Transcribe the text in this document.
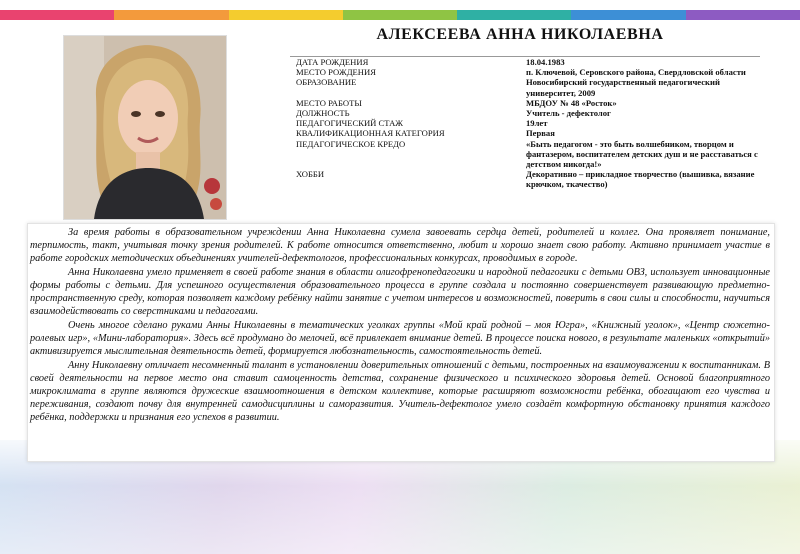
АЛЕКСЕЕВА АННА НИКОЛАЕВНА
ДАТА РОЖДЕНИЯ	18.04.1983
МЕСТО РОЖДЕНИЯ	п. Ключевой, Серовского района, Свердловской области
ОБРАЗОВАНИЕ	Новосибирский государственный педагогический университет, 2009
МЕСТО РАБОТЫ	МБДОУ № 48 «Росток»
ДОЛЖНОСТЬ	Учитель - дефектолог
ПЕДАГОГИЧЕСКИЙ СТАЖ	19лет
КВАЛИФИКАЦИОННАЯ КАТЕГОРИЯ	Первая
ПЕДАГОГИЧЕСКОЕ КРЕДО	«Быть педагогом - это быть волшебником, творцом и фантазером, воспитателем детских душ и не расставаться с детством никогда!»
ХОББИ	Декоративно – прикладное творчество (вышивка, вязание крючком, ткачество)

За время работы в образовательном учреждении Анна Николаевна сумела завоевать сердца детей, родителей и коллег. Она проявляет понимание, терпимость, такт, учитывая точку зрения родителей. К работе относится ответственно, любит и хорошо знает свою работу. Активно принимает участие в работе городских методических объединениях учителей-дефектологов, профессиональных конкурсах, проводимых в городе.

Анна Николаевна умело применяет в своей работе знания в области олигофренопедагогики и народной педагогики с детьми ОВЗ, использует инновационные формы работы с детьми. Для успешного осуществления образовательного процесса в группе создала и постоянно совершенствует развивающую предметно-пространственную среду, которая позволяет каждому ребёнку найти занятие с учетом интересов и возможностей, поверить в свои силы и способности, научиться взаимодействовать со сверстниками и педагогами.

Очень многое сделано руками Анны Николаевны в тематических уголках группы «Мой край родной – моя Югра», «Книжный уголок», «Центр сюжетно-ролевых игр», «Мини-лаборатория». Здесь всё продумано до мелочей, всё привлекает внимание детей. В процессе поиска нового, в результате маленьких «открытий» активизируется мыслительная деятельность детей, формируется любознательность, самостоятельность детей.

Анну Николаевну отличает несомненный талант в установлении доверительных отношений с детьми, построенных на взаимоуважении к воспитанникам. В своей деятельности на первое место она ставит самоценность детства, сохранение физического и психического здоровья детей. Основой благоприятного микроклимата в группе являются дружеские взаимоотношения в детском коллективе, которые расширяют возможности ребёнка, обогащают его чувства и переживания, создают почву для внутренней самодисциплины и саморазвития. Учитель-дефектолог умело создаёт комфортную обстановку принятия каждого ребёнка, поддержки и признания его успехов в развитии.
